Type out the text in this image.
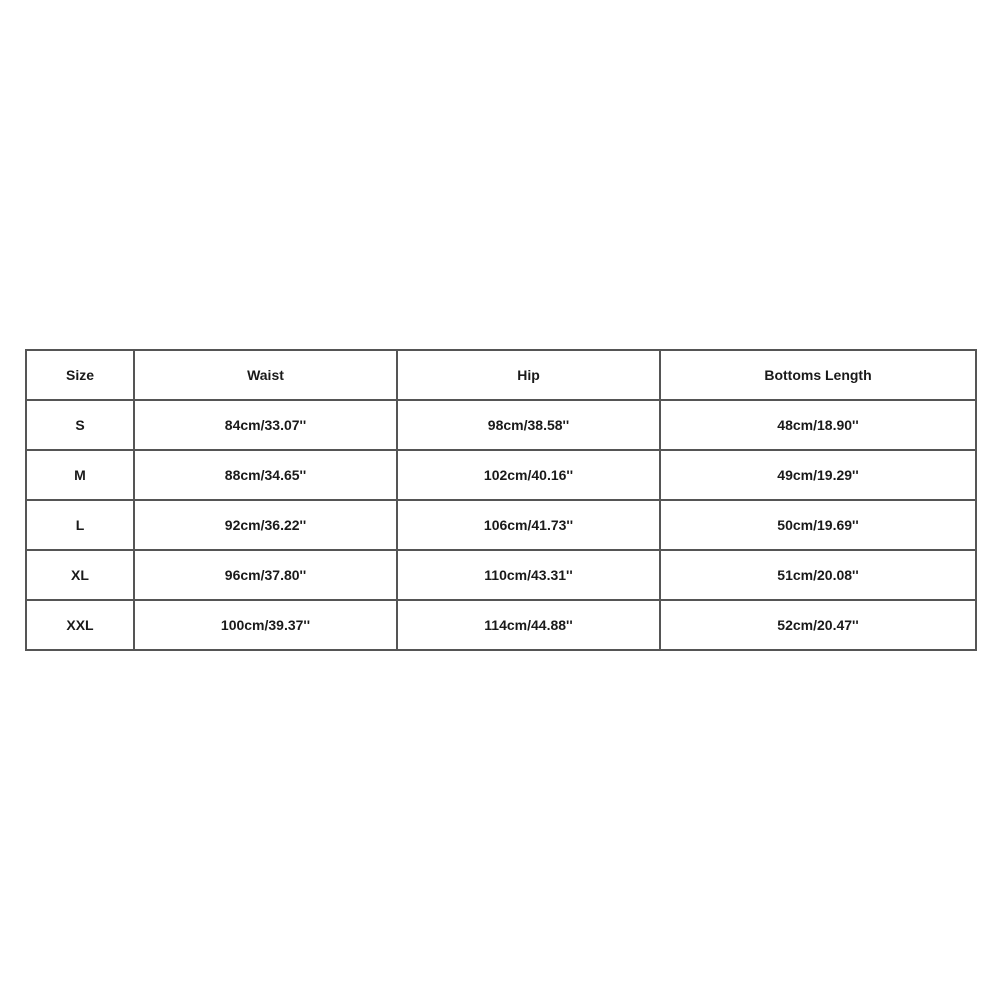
Size	Waist	Hip	Bottoms Length
S	84cm/33.07''	98cm/38.58''	48cm/18.90''
M	88cm/34.65''	102cm/40.16''	49cm/19.29''
L	92cm/36.22''	106cm/41.73''	50cm/19.69''
XL	96cm/37.80''	110cm/43.31''	51cm/20.08''
XXL	100cm/39.37''	114cm/44.88''	52cm/20.47''
